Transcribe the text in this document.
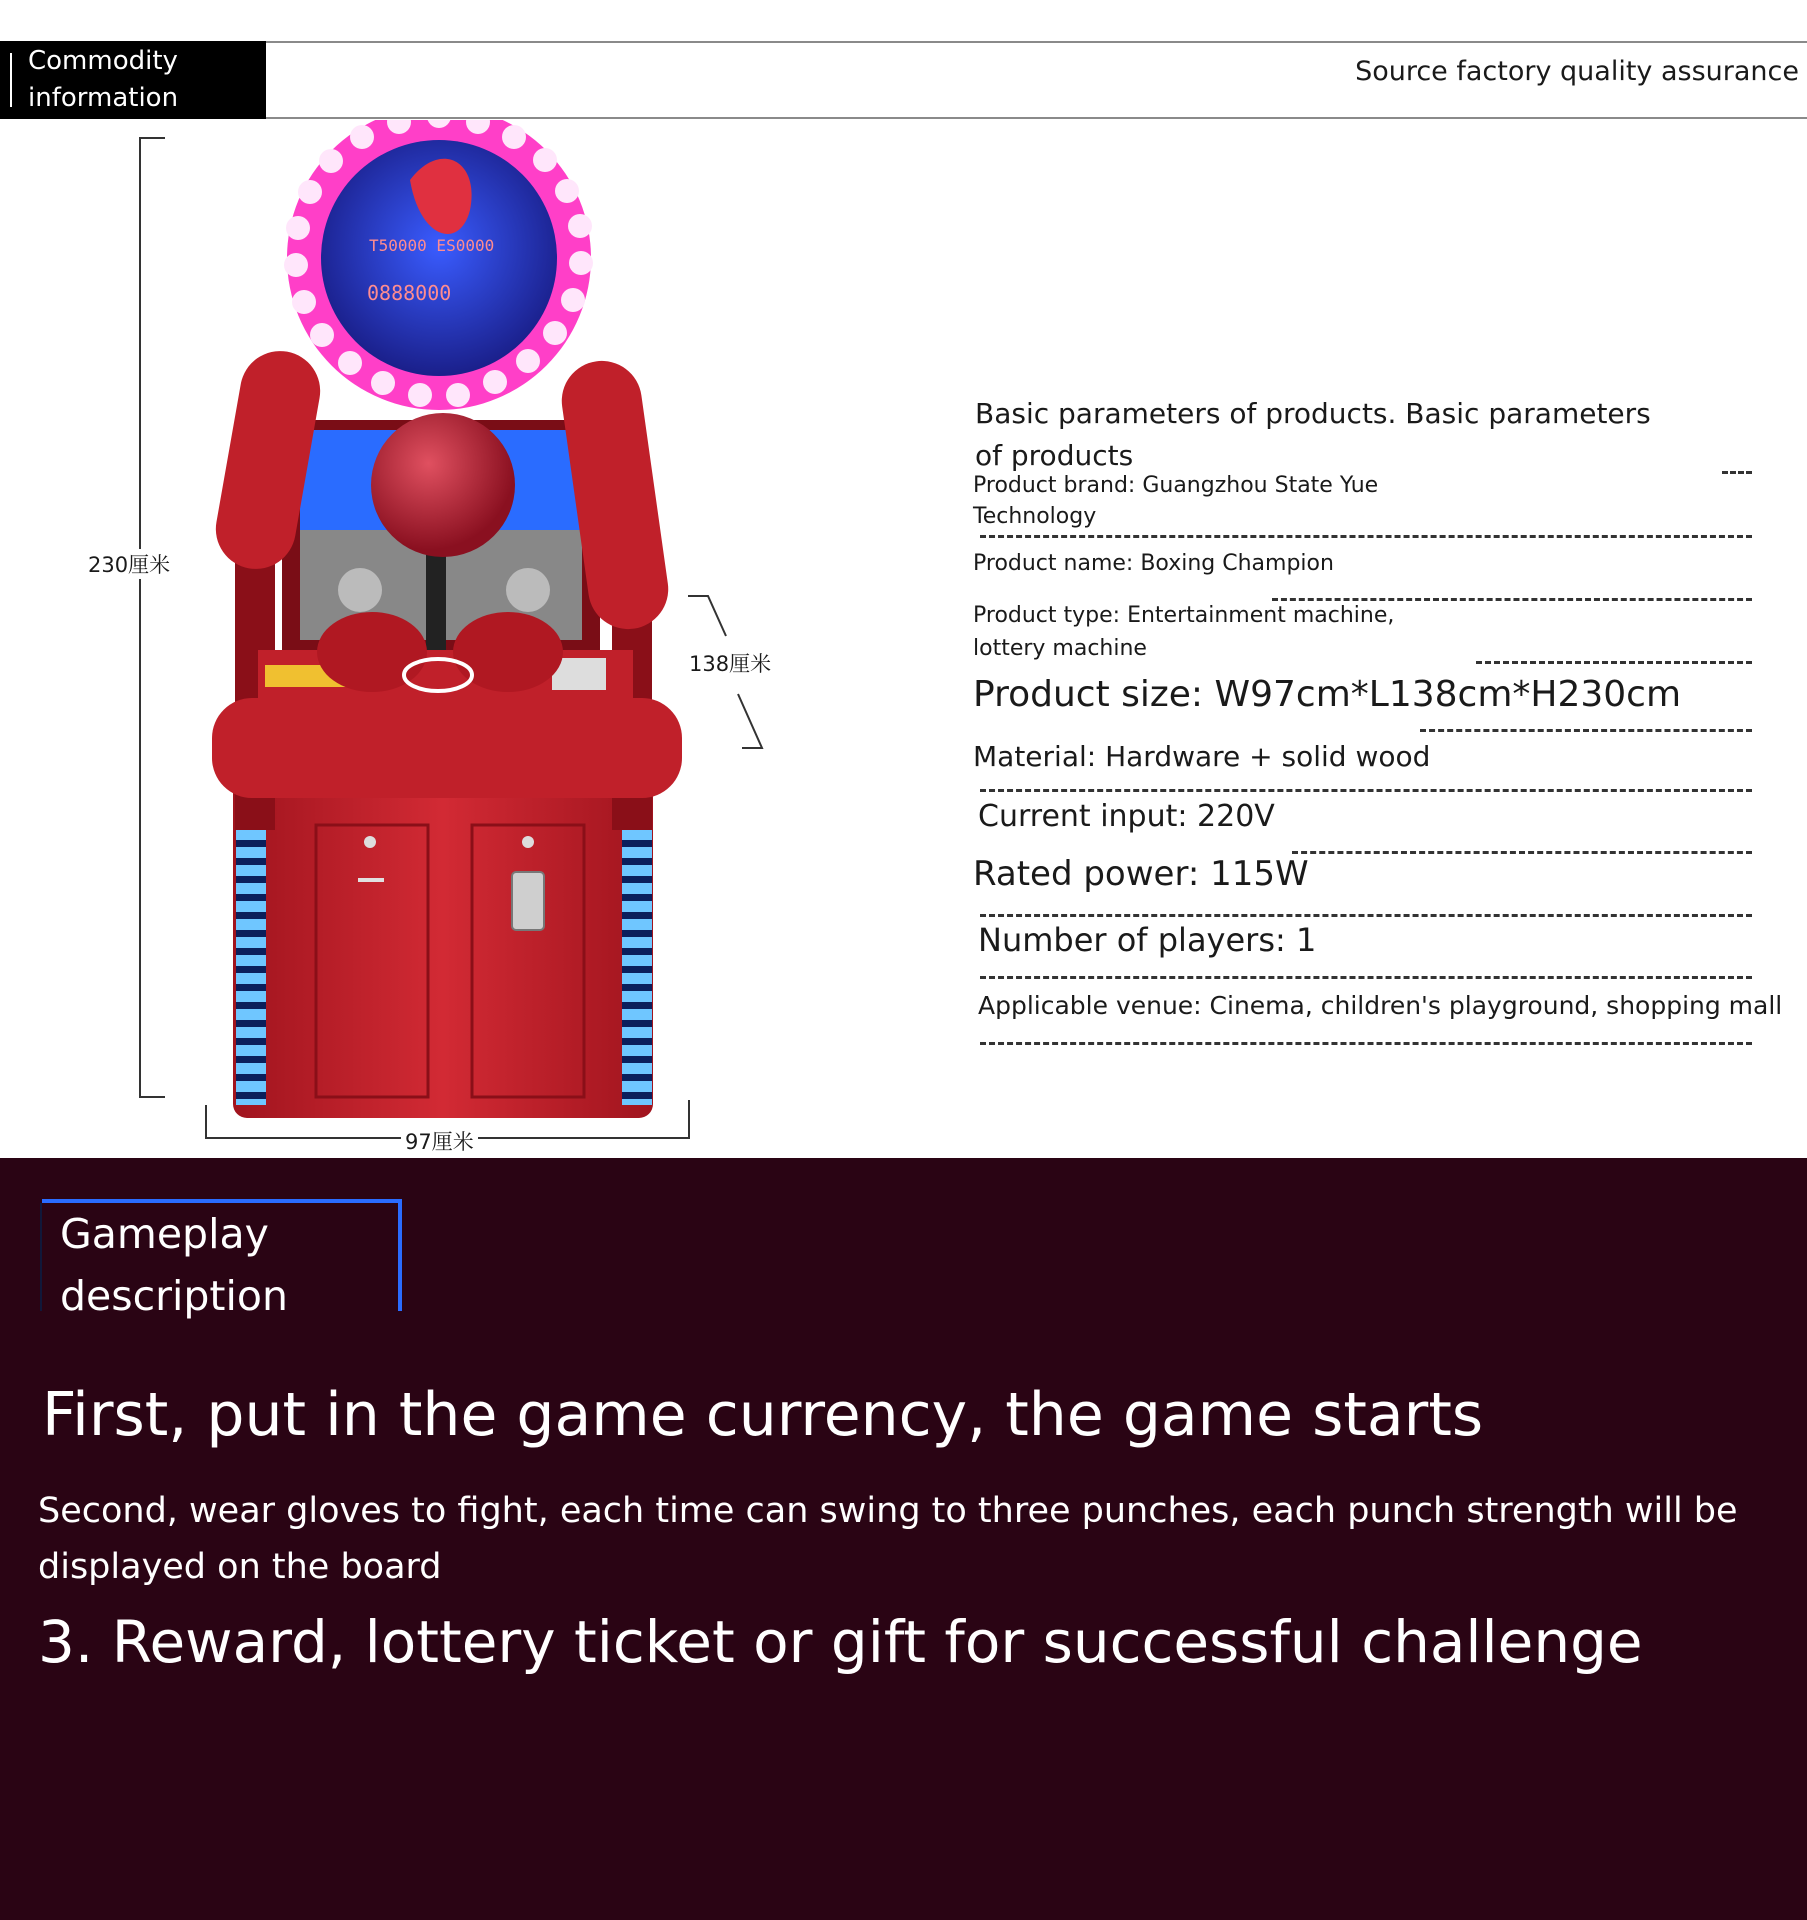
Commodity information
Source factory quality assurance
T50000 ES0000
0888000
230厘米
97厘米
138厘米
Basic parameters of products. Basic parameters of products
Product brand: Guangzhou State Yue Technology
Product name: Boxing Champion
Product type: Entertainment machine, lottery machine
Product size: W97cm*L138cm*H230cm
Material: Hardware + solid wood
Current input: 220V
Rated power: 115W
Number of players: 1
Applicable venue: Cinema, children's playground, shopping mall
Gameplay description
First, put in the game currency, the game starts
Second, wear gloves to fight, each time can swing to three punches, each punch strength will be displayed on the board
3. Reward, lottery ticket or gift for successful challenge
